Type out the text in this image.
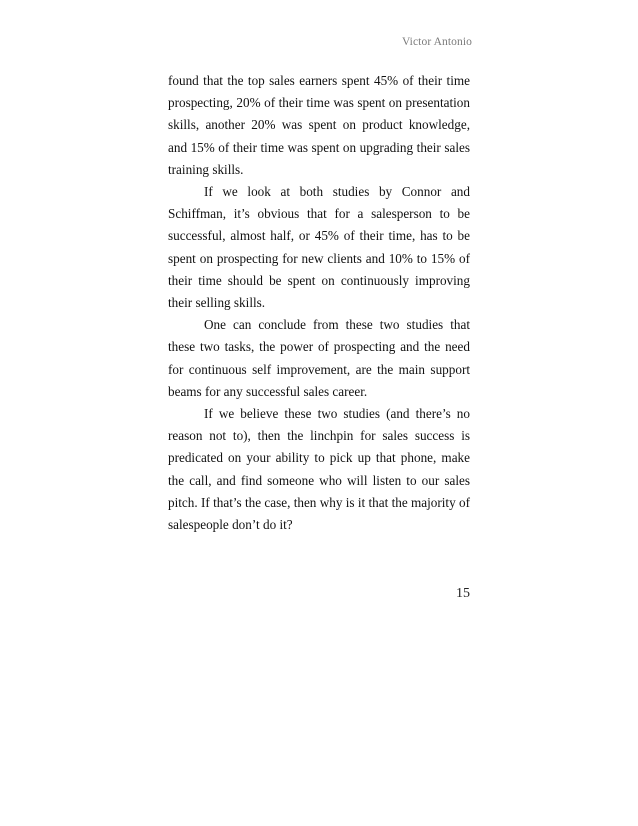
Victor Antonio

found that the top sales earners spent 45% of their time prospecting, 20% of their time was spent on presentation skills, another 20% was spent on product knowledge, and 15% of their time was spent on upgrading their sales training skills.

If we look at both studies by Connor and Schiffman, it’s obvious that for a salesperson to be successful, almost half, or 45% of their time, has to be spent on prospecting for new clients and 10% to 15% of their time should be spent on continuously improving their selling skills.

One can conclude from these two studies that these two tasks, the power of prospecting and the need for continuous self improvement, are the main support beams for any successful sales career.

If we believe these two studies (and there’s no reason not to), then the linchpin for sales success is predicated on your ability to pick up that phone, make the call, and find someone who will listen to our sales pitch. If that’s the case, then why is it that the majority of salespeople don’t do it?

15
